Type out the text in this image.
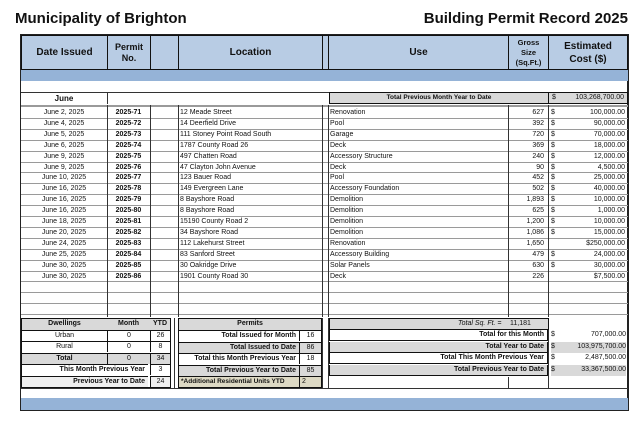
Municipality of Brighton	Building Permit Record 2025
Date Issued
Permit
No.	Location	Use
Gross
Size
(Sq.Ft.)
Estimated
Cost ($)
June	Total Previous Month Year to Date	$	103,268,700.00
June 2, 2025	2025-71	12 Meade Street	Renovation	627 $	100,000.00
June 4, 2025	2025-72	14 Deerfield Drive	Pool	392 $	90,000.00
June 5, 2025	2025-73	111 Stoney Point Road South	Garage	720 $	70,000.00
June 6, 2025	2025-74	1787 County Road 26	Deck	369 $	18,000.00
June 9, 2025	2025-75	497 Chatten Road	Accessory Structure	240 $	12,000.00
June 9, 2025	2025-76	47 Clayton John Avenue	Deck	90 $	4,500.00
June 10, 2025	2025-77	123 Bauer Road	Pool	452 $	25,000.00
June 16, 2025	2025-78	149 Evergreen Lane	Accessory Foundation	502 $	40,000.00
June 16, 2025	2025-79	8 Bayshore Road	Demolition	1,893 $	10,000.00
June 16, 2025	2025-80	8 Bayshore Road	Demolition	625 $	1,000.00
June 18, 2025	2025-81	15190 County Road 2	Demolition	1,200 $	10,000.00
June 20, 2025	2025-82	34 Bayshore Road	Demolition	1,086 $	15,000.00
June 24, 2025	2025-83	112 Lakehurst Street	Renovation	1,650	$250,000.00
June 25, 2025	2025-84	83 Sanford Street	Accessory Building	479 $	24,000.00
June 30, 2025	2025-85	30 Oakridge Drive	Solar Panels	630 $	30,000.00
June 30, 2025	2025-86	1901 County Road 30	Deck	226	$7,500.00
Dwellings	Month	YTD
Urban	0	26
Rural	0	8
Total	0	34
This Month Previous Year	3
Previous Year to Date	24
Permits
Total Issued for Month	16
Total Issued to Date	86
Total this Month Previous Year	18
Total Previous Year to Date	85
*Additional Residential Units YTD	2
Total Sq. Ft. = 11,181
Total for this Month	$	707,000.00
Total Year to Date	$	103,975,700.00
Total This Month Previous Year	$	2,487,500.00
Total Previous Year to Date	$	33,367,500.00
